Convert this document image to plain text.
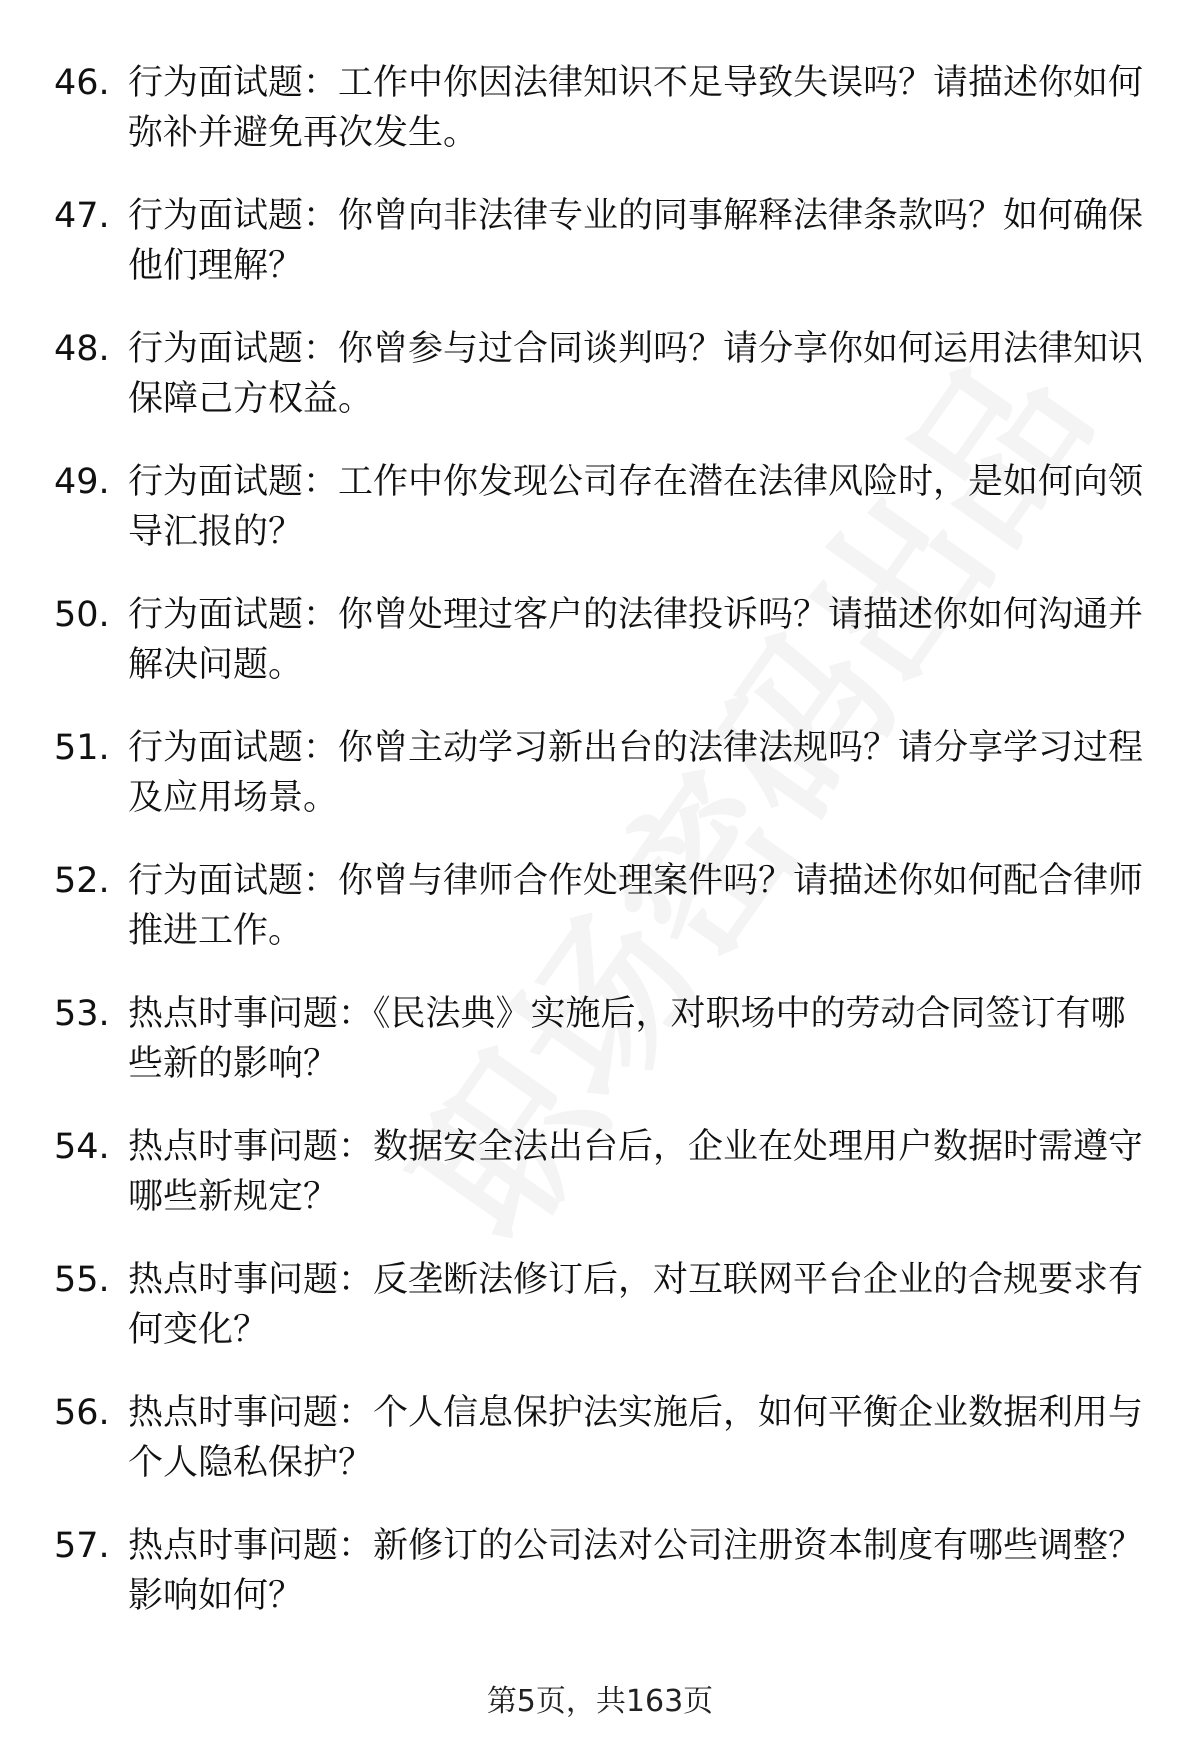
46. 行为面试题：工作中你因法律知识不足导致失误吗？请描述你如何弥补并避免再次发生。
47. 行为面试题：你曾向非法律专业的同事解释法律条款吗？如何确保他们理解？
48. 行为面试题：你曾参与过合同谈判吗？请分享你如何运用法律知识保障己方权益。
49. 行为面试题：工作中你发现公司存在潜在法律风险时，是如何向领导汇报的？
50. 行为面试题：你曾处理过客户的法律投诉吗？请描述你如何沟通并解决问题。
51. 行为面试题：你曾主动学习新出台的法律法规吗？请分享学习过程及应用场景。
52. 行为面试题：你曾与律师合作处理案件吗？请描述你如何配合律师推进工作。
53. 热点时事问题：《民法典》实施后，对职场中的劳动合同签订有哪些新的影响？
54. 热点时事问题：数据安全法出台后，企业在处理用户数据时需遵守哪些新规定？
55. 热点时事问题：反垄断法修订后，对互联网平台企业的合规要求有何变化？
56. 热点时事问题：个人信息保护法实施后，如何平衡企业数据利用与个人隐私保护？
57. 热点时事问题：新修订的公司法对公司注册资本制度有哪些调整？影响如何？
第5页，共163页
